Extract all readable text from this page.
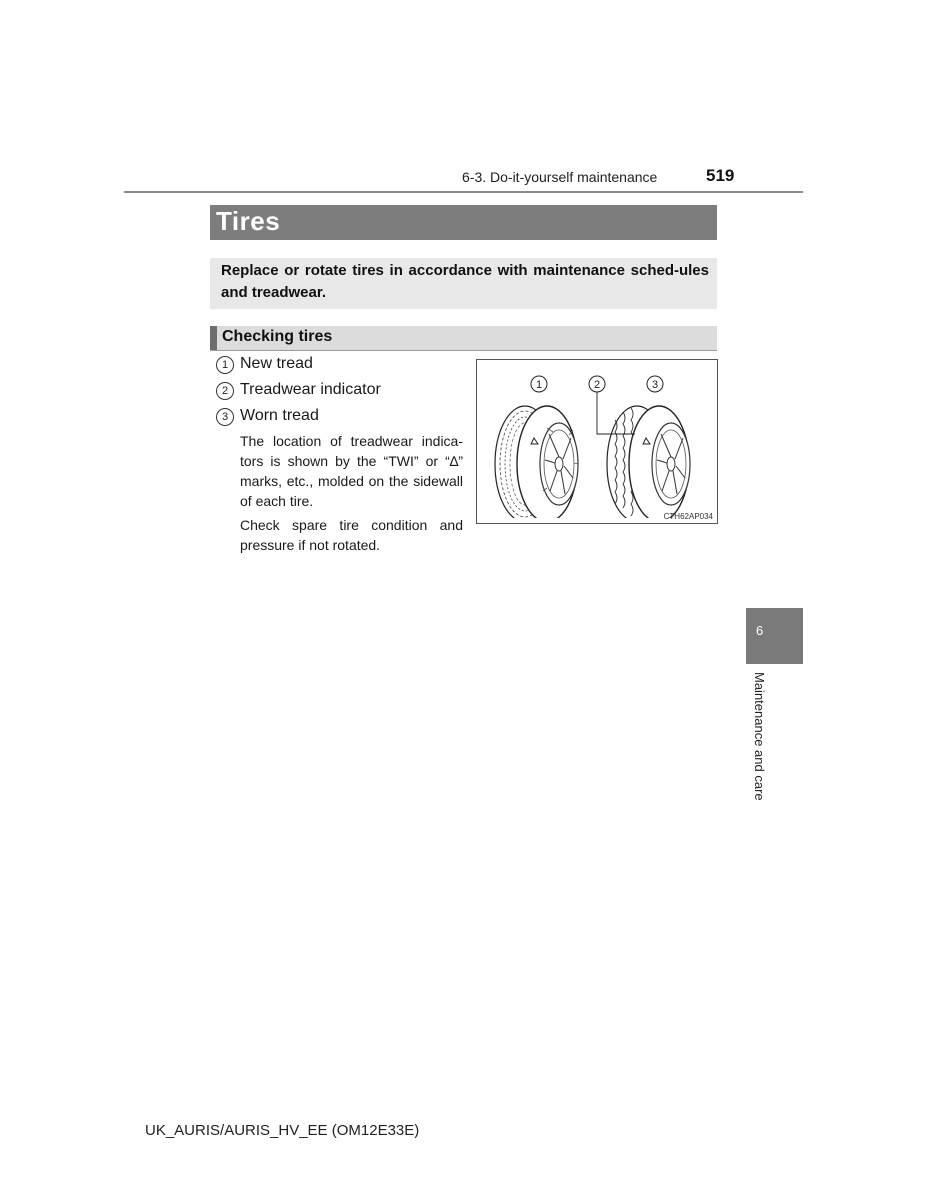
6-3. Do-it-yourself maintenance	519
Tires

Replace or rotate tires in accordance with maintenance sched-ules and treadwear.

Checking tires
1 New tread
2 Treadwear indicator
3 Worn tread

The location of treadwear indica-tors is shown by the “TWI” or “∆” marks, etc., molded on the sidewall of each tire.

Check spare tire condition and pressure if not rotated.

1	2	3
CTH62AP034
6
Maintenance and care
UK_AURIS/AURIS_HV_EE (OM12E33E)
